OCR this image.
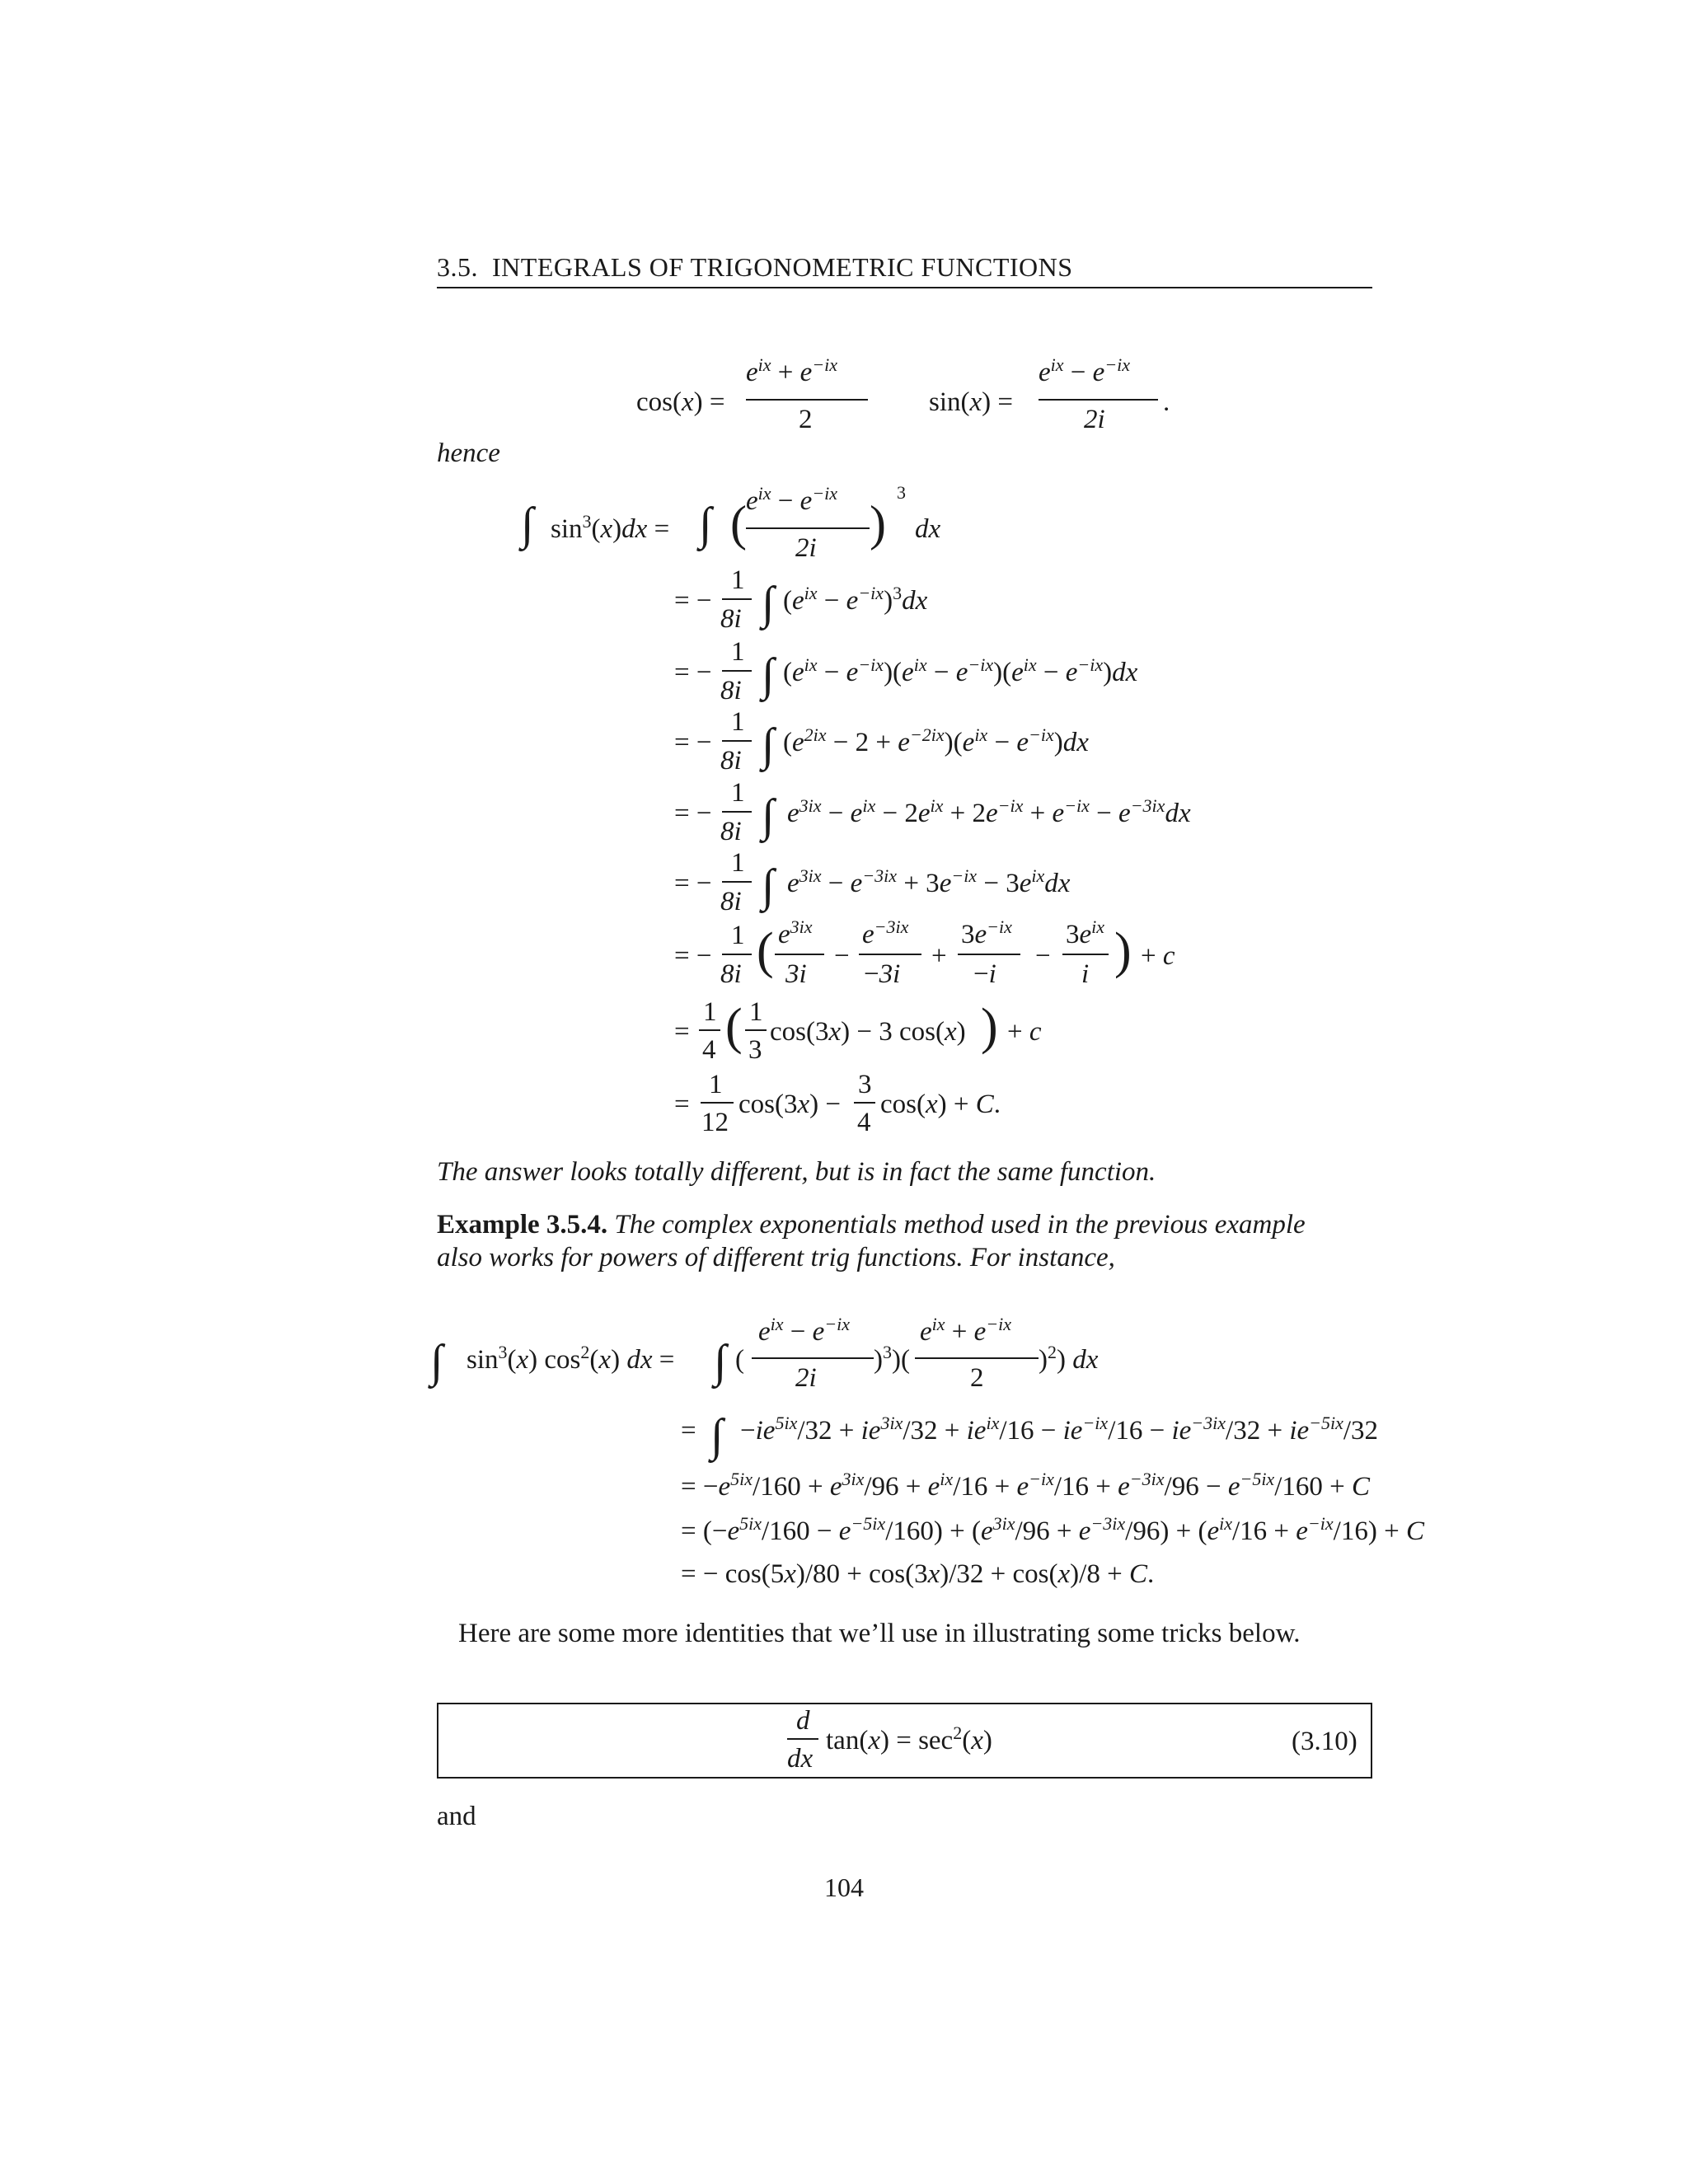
3.5. INTEGRALS OF TRIGONOMETRIC FUNCTIONS
cos(x) =
$e^{ix} + e^{-ix}$
2
sin(x) =
$e^{ix} - e^{-ix}$
2i
.
∫ $\sin^3(x)dx$ = ∫ ( $e^{ix} - e^{-ix}$
2i )
3
dx
= −
1
8i ∫ $(e^{ix} - e^{-ix})^3dx$
= −
1
8i ∫ $(e^{ix} - e^{-ix})(e^{ix} - e^{-ix})(e^{ix} - e^{-ix})dx$
= −
1
8i ∫ $(e^{2ix} - 2 + e^{-2ix})(e^{ix} - e^{-ix})dx$
= −
1
8i ∫ $e^{3ix} - e^{ix} - 2e^{ix} + 2e^{-ix} + e^{-ix} - e^{-3ix}dx$
= −
1
8i ∫ $e^{3ix} - e^{-3ix} + 3e^{-ix} - 3e^{ix}dx$
= −
1
8i ( $e^{3ix}$
3i
−
$e^{-3ix}$
−3i
+
$3e^{-ix}$
−i
−
$3e^{ix}$
i ) + c
=
1
4 ( 1
3
cos(3x) − 3 cos(x) ) + c
=
1
12
cos(3x) −
3
4
cos(x) + C.
∫ $\sin^3(x)$ $\cos^2(x)$ dx = ∫ (
$e^{ix} - e^{-ix}$
2i
)$^3$)(
$e^{ix} + e^{-ix}$
2
)$^2$) dx
= ∫ $-ie^{5ix}/32 + ie^{3ix}/32 + ie^{ix}/16 - ie^{-ix}/16 - ie^{-3ix}/32 + ie^{-5ix}/32$
= $-e^{5ix}/160 + e^{3ix}/96 + e^{ix}/16 + e^{-ix}/16 + e^{-3ix}/96 - e^{-5ix}/160 + C$
= $(-e^{5ix}/160 - e^{-5ix}/160) + (e^{3ix}/96 + e^{-3ix}/96) + (e^{ix}/16 + e^{-ix}/16) + C$
= − cos(5x)/80 + cos(3x)/32 + cos(x)/8 + C.
d
dx
$\tan(x) = \sec^2(x)$
hence
The answer looks totally different, but is in fact the same function.
Example 3.5.4. The complex exponentials method used in the previous example
also works for powers of different trig functions. For instance,
Here are some more identities that we’ll use in illustrating some tricks below.
(3.10)
and
104
